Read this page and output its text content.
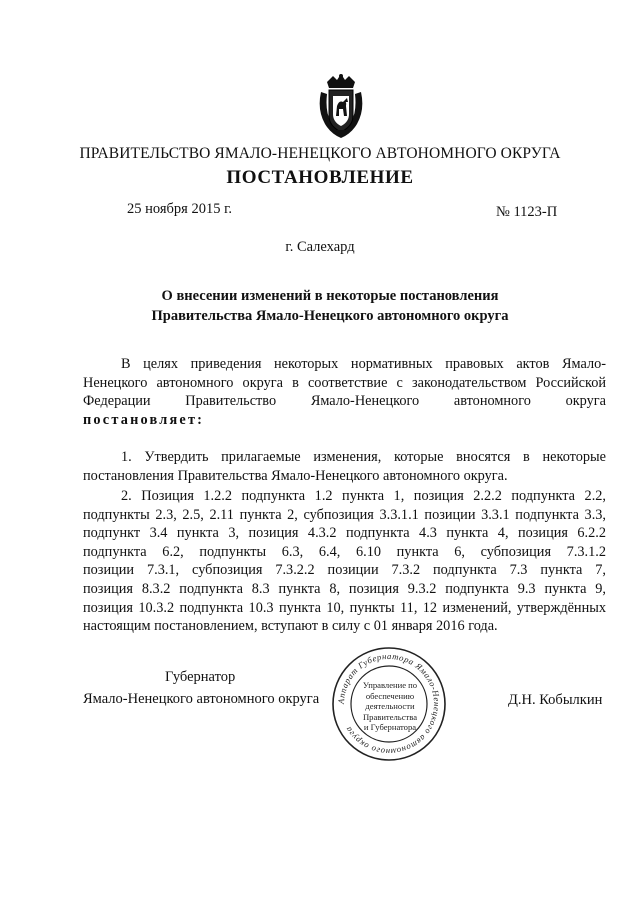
ПРАВИТЕЛЬСТВО ЯМАЛО-НЕНЕЦКОГО АВТОНОМНОГО ОКРУГА
ПОСТАНОВЛЕНИЕ
25 ноября 2015 г.	№ 1123-П
г. Салехард
О внесении изменений в некоторые постановления
Правительства Ямало-Ненецкого автономного округа
В целях приведения некоторых нормативных правовых актов Ямало-
Ненецкого автономного округа в соответствие с законодательством Российской
Федерации Правительство Ямало-Ненецкого автономного округа
постановляет:
1. Утвердить прилагаемые изменения, которые вносятся в некоторые
постановления Правительства Ямало-Ненецкого автономного округа.
2. Позиция 1.2.2 подпункта 1.2 пункта 1, позиция 2.2.2 подпункта 2.2,
подпункты 2.3, 2.5, 2.11 пункта 2, субпозиция 3.3.1.1 позиции 3.3.1 подпункта 3.3,
подпункт 3.4 пункта 3, позиция 4.3.2 подпункта 4.3 пункта 4, позиция 6.2.2
подпункта 6.2, подпункты 6.3, 6.4, 6.10 пункта 6, субпозиция 7.3.1.2
позиции 7.3.1, субпозиция 7.3.2.2 позиции 7.3.2 подпункта 7.3 пункта 7,
позиция 8.3.2 подпункта 8.3 пункта 8, позиция 9.3.2 подпункта 9.3 пункта 9,
позиция 10.3.2 подпункта 10.3 пункта 10, пункты 11, 12 изменений, утверждённых
настоящим постановлением, вступают в силу с 01 января 2016 года.
Аппарат Губернатора Ямало-Ненецкого автономного округа
Управление по
обеспечению
деятельности
Правительства
и Губернатора
Губернатор
Ямало-Ненецкого автономного округа	Д.Н. Кобылкин
